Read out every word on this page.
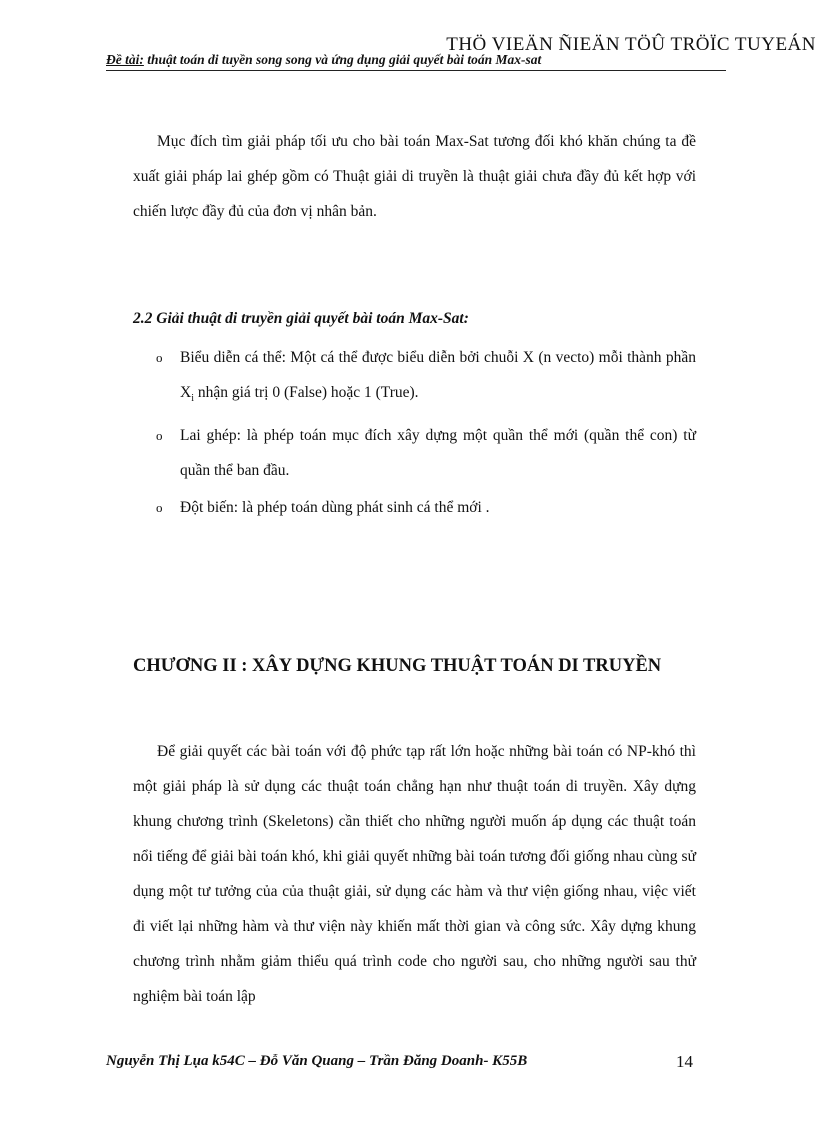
THÖ VIEÄN ÑIEÄN TÖÛ TRÖÏC TUYEÁN
Đề tài: thuật toán di tuyền song song và ứng dụng giải quyết bài toán Max-sat

Mục đích tìm giải pháp tối ưu cho bài toán Max-Sat tương đối khó khăn chúng ta đề xuất giải pháp lai ghép gồm có Thuật giải di truyền là thuật giải chưa đầy đủ kết hợp với chiến lược đầy đủ của đơn vị nhân bản.

2.2 Giải thuật di truyền giải quyết bài toán Max-Sat:
o Biểu diễn cá thể: Một cá thể được biểu diễn bởi chuỗi X (n vecto) mỗi thành phần $X_i$ nhận giá trị 0 (False) hoặc 1 (True).
o Lai ghép: là phép toán mục đích xây dựng một quần thể mới (quần thể con) từ quần thể ban đầu.
o Đột biến: là phép toán dùng phát sinh cá thể mới .
CHƯƠNG II : XÂY DỰNG KHUNG THUẬT TOÁN DI TRUYỀN

Để giải quyết các bài toán với độ phức tạp rất lớn hoặc những bài toán có NP-khó thì một giải pháp là sử dụng các thuật toán chẳng hạn như thuật toán di truyền. Xây dựng khung chương trình (Skeletons) cần thiết cho những người muốn áp dụng các thuật toán nổi tiếng để giải bài toán khó, khi giải quyết những bài toán tương đối giống nhau cùng sử dụng một tư tưởng của của thuật giải, sử dụng các hàm và thư viện giống nhau, việc viết đi viết lại những hàm và thư viện này khiến mất thời gian và công sức. Xây dựng khung chương trình nhằm giảm thiểu quá trình code cho người sau, cho những người sau thử nghiệm bài toán lập

Nguyễn Thị Lụa k54C – Đỗ Văn Quang – Trần Đăng Doanh- K55B	14
